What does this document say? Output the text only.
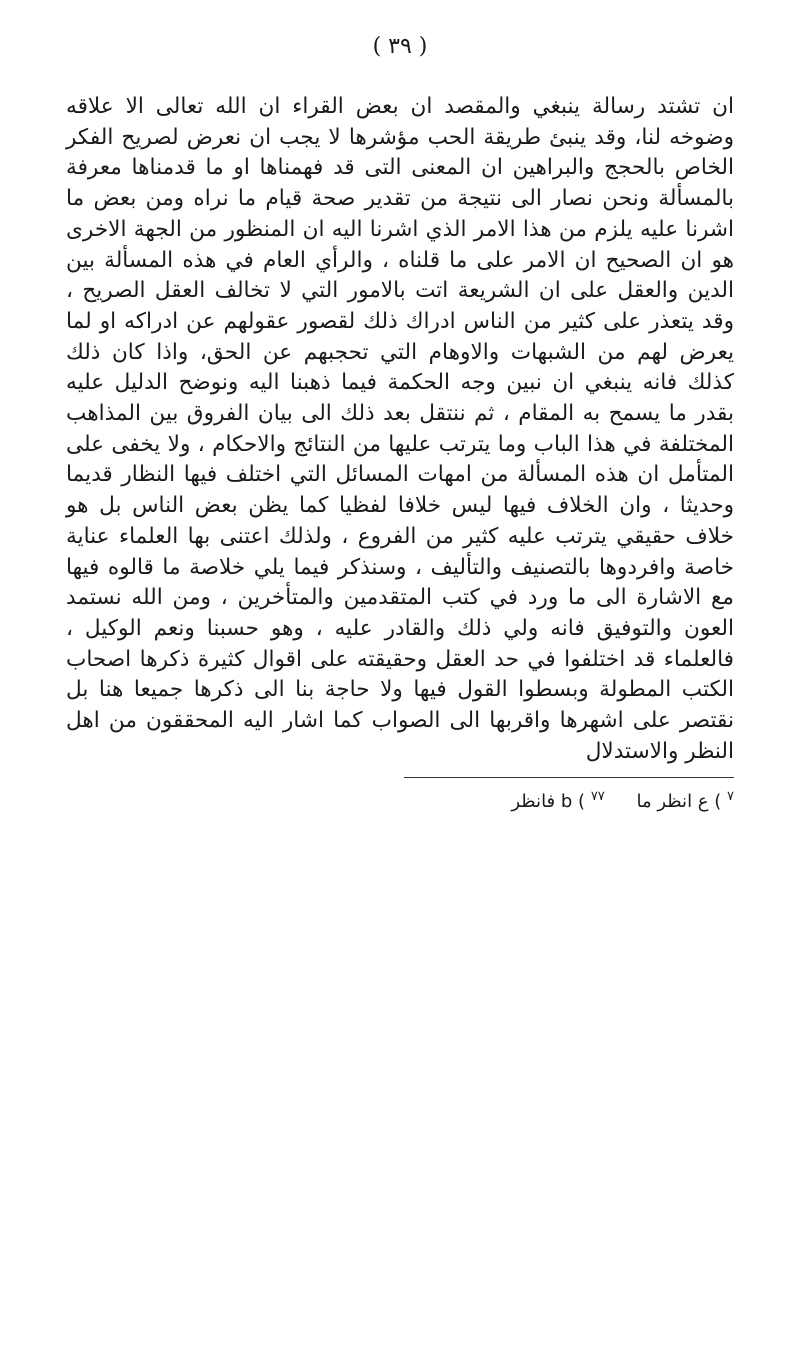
( ٣٩ )

ان تشتد رسالة ينبغي والمقصد ان بعض القراء ان الله تعالى الا علاقه وضوخه لنا، وقد ينبئ طريقة الحب مؤشرها لا يجب ان نعرض لصريح الفكر الخاص بالحجج والبراهين ان المعنى التى قد فهمناها او ما قدمناها معرفة بالمسألة ونحن نصار الى نتيجة من تقدير صحة قيام ما نراه ومن بعض ما اشرنا عليه يلزم من هذا الامر الذي اشرنا اليه ان المنظور من الجهة الاخرى هو ان الصحيح ان الامر على ما قلناه ، والرأي العام في هذه المسألة بين الدين والعقل على ان الشريعة اتت بالامور التي لا تخالف العقل الصريح ، وقد يتعذر على كثير من الناس ادراك ذلك لقصور عقولهم عن ادراكه او لما يعرض لهم من الشبهات والاوهام التي تحجبهم عن الحق، واذا كان ذلك كذلك فانه ينبغي ان نبين وجه الحكمة فيما ذهبنا اليه ونوضح الدليل عليه بقدر ما يسمح به المقام ، ثم ننتقل بعد ذلك الى بيان الفروق بين المذاهب المختلفة في هذا الباب وما يترتب عليها من النتائج والاحكام ، ولا يخفى على المتأمل ان هذه المسألة من امهات المسائل التي اختلف فيها النظار قديما وحديثا ، وان الخلاف فيها ليس خلافا لفظيا كما يظن بعض الناس بل هو خلاف حقيقي يترتب عليه كثير من الفروع ، ولذلك اعتنى بها العلماء عناية خاصة وافردوها بالتصنيف والتأليف ، وسنذكر فيما يلي خلاصة ما قالوه فيها مع الاشارة الى ما ورد في كتب المتقدمين والمتأخرين ، ومن الله نستمد العون والتوفيق فانه ولي ذلك والقادر عليه ، وهو حسبنا ونعم الوكيل ، فالعلماء قد اختلفوا في حد العقل وحقيقته على اقوال كثيرة ذكرها اصحاب الكتب المطولة وبسطوا القول فيها ولا حاجة بنا الى ذكرها جميعا هنا بل نقتصر على اشهرها واقربها الى الصواب كما اشار اليه المحققون من اهل النظر والاستدلال

$^٧$ ) ع انظر ما $^{٧٧}$ ) b فانظر
